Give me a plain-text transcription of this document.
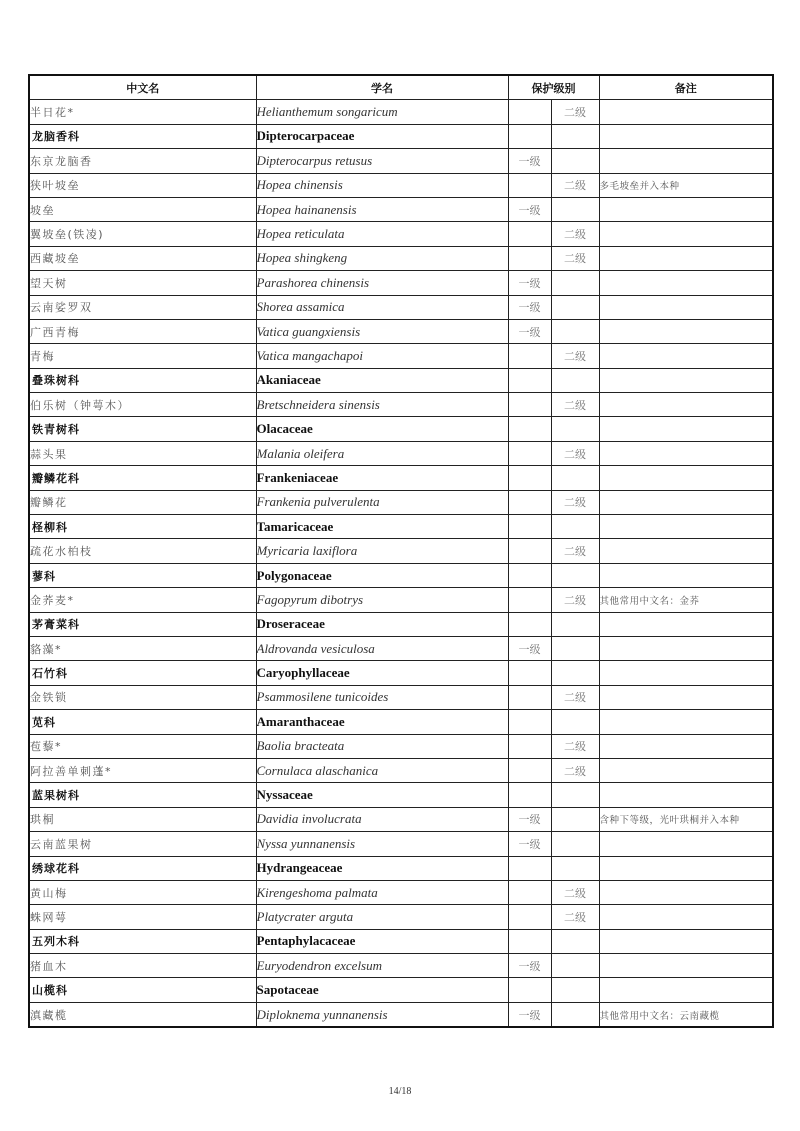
中文名	学名	保护级别		备注
半日花*	Helianthemum songaricum		二级	
龙脑香科	Dipterocarpaceae			
东京龙脑香	Dipterocarpus retusus	一级		
狭叶坡垒	Hopea chinensis		二级	多毛坡垒并入本种
坡垒	Hopea hainanensis	一级		
翼坡垒(铁凌)	Hopea reticulata		二级	
西藏坡垒	Hopea shingkeng		二级	
望天树	Parashorea chinensis	一级		
云南娑罗双	Shorea assamica	一级		
广西青梅	Vatica guangxiensis	一级		
青梅	Vatica mangachapoi		二级	
叠珠树科	Akaniaceae			
伯乐树（钟萼木）	Bretschneidera sinensis		二级	
铁青树科	Olacaceae			
蒜头果	Malania oleifera		二级	
瓣鳞花科	Frankeniaceae			
瓣鳞花	Frankenia pulverulenta		二级	
柽柳科	Tamaricaceae			
疏花水柏枝	Myricaria laxiflora		二级	
蓼科	Polygonaceae			
金荞麦*	Fagopyrum dibotrys		二级	其他常用中文名：金荞
茅膏菜科	Droseraceae			
貉藻*	Aldrovanda vesiculosa	一级		
石竹科	Caryophyllaceae			
金铁锁	Psammosilene tunicoides		二级	
苋科	Amaranthaceae			
苞藜*	Baolia bracteata		二级	
阿拉善单刺蓬*	Cornulaca alaschanica		二级	
蓝果树科	Nyssaceae			
珙桐	Davidia involucrata	一级		含种下等级，光叶珙桐并入本种
云南蓝果树	Nyssa yunnanensis	一级		
绣球花科	Hydrangeaceae			
黄山梅	Kirengeshoma palmata		二级	
蛛网萼	Platycrater arguta		二级	
五列木科	Pentaphylacaceae			
猪血木	Euryodendron excelsum	一级		
山榄科	Sapotaceae			
滇藏榄	Diploknema yunnanensis	一级		其他常用中文名：云南藏榄
14/18
